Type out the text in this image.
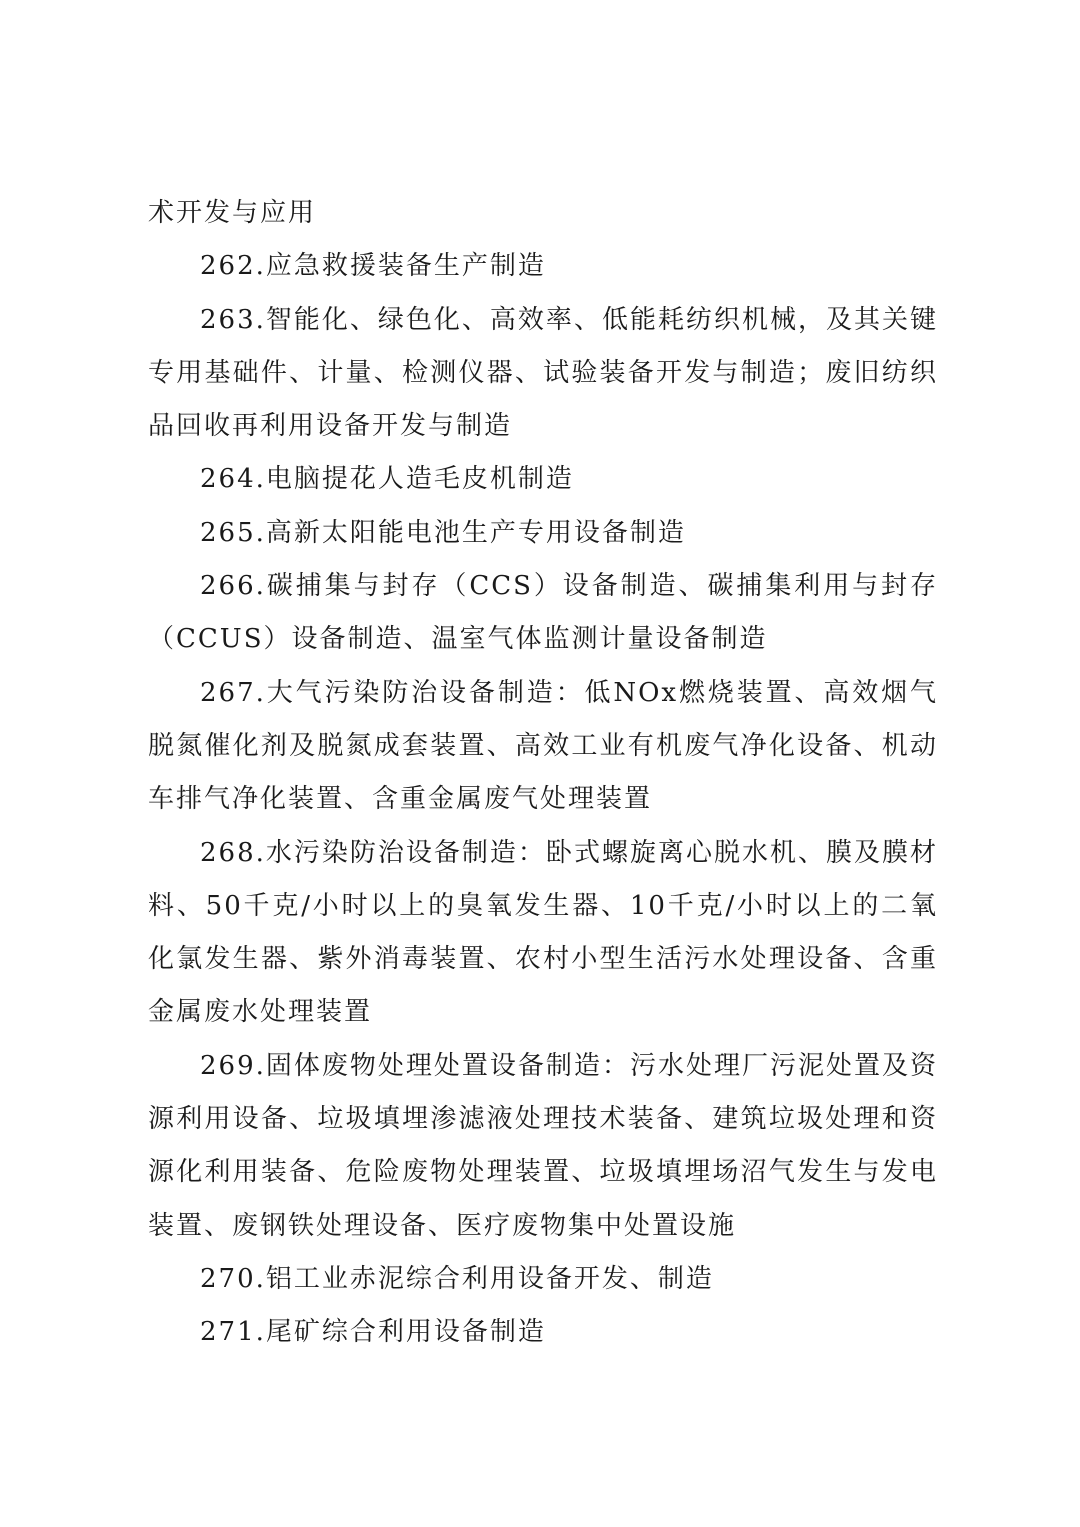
术开发与应用

262.应急救援装备生产制造

263.智能化、绿色化、高效率、低能耗纺织机械，及其关键专用基础件、计量、检测仪器、试验装备开发与制造；废旧纺织品回收再利用设备开发与制造

264.电脑提花人造毛皮机制造

265.高新太阳能电池生产专用设备制造

266.碳捕集与封存（CCS）设备制造、碳捕集利用与封存（CCUS）设备制造、温室气体监测计量设备制造

267.大气污染防治设备制造：低NOx燃烧装置、高效烟气脱氮催化剂及脱氮成套装置、高效工业有机废气净化设备、机动车排气净化装置、含重金属废气处理装置

268.水污染防治设备制造：卧式螺旋离心脱水机、膜及膜材料、50千克/小时以上的臭氧发生器、10千克/小时以上的二氧化氯发生器、紫外消毒装置、农村小型生活污水处理设备、含重金属废水处理装置

269.固体废物处理处置设备制造：污水处理厂污泥处置及资源利用设备、垃圾填埋渗滤液处理技术装备、建筑垃圾处理和资源化利用装备、危险废物处理装置、垃圾填埋场沼气发生与发电装置、废钢铁处理设备、医疗废物集中处置设施

270.铝工业赤泥综合利用设备开发、制造

271.尾矿综合利用设备制造
